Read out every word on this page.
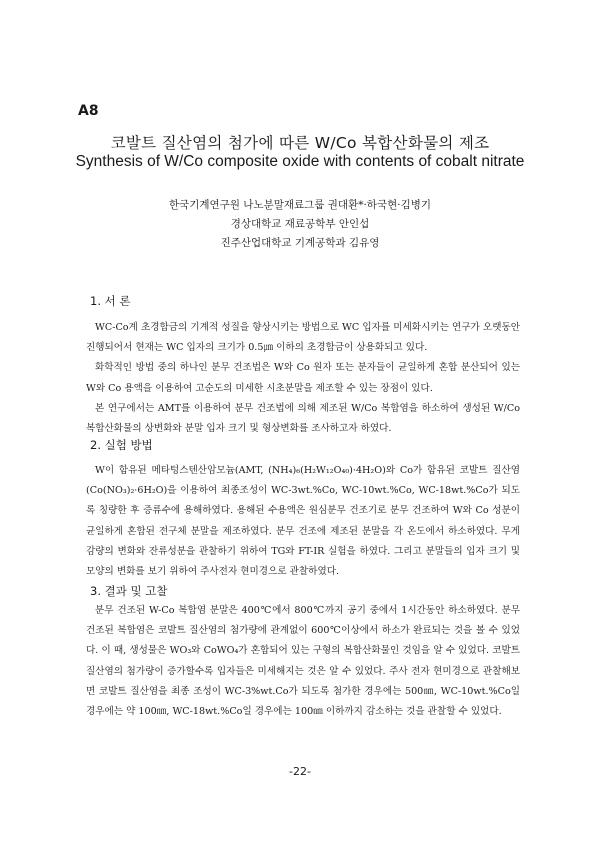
A8
코발트 질산염의 첨가에 따른 W/Co 복합산화물의 제조
Synthesis of W/Co composite oxide with contents of cobalt nitrate
한국기계연구원 나노분말재료그룹 권대환*·하국현·김병기
경상대학교 재료공학부 안인섭
진주산업대학교 기계공학과 김유영
1. 서 론

WC-Co계 초경합금의 기계적 성질을 향상시키는 방법으로 WC 입자를 미세화시키는 연구가 오랫동안 진행되어서 현재는 WC 입자의 크기가 0.5㎛ 이하의 초경합금이 상용화되고 있다.

화학적인 방법 중의 하나인 분무 건조법은 W와 Co 원자 또는 분자들이 균일하게 혼합 분산되어 있는 W와 Co 용액을 이용하여 고순도의 미세한 시초분말을 제조할 수 있는 장점이 있다.

본 연구에서는 AMT를 이용하여 분무 건조법에 의해 제조된 W/Co 복합염을 하소하여 생성된 W/Co 복합산화물의 상변화와 분말 입자 크기 및 형상변화를 조사하고자 하였다.

2. 실험 방법

W이 함유된 메타텅스텐산암모늄(AMT, (NH₄)₆(H₂W₁₂O₄₀)·4H₂O)와 Co가 함유된 코발트 질산염(Co(NO₃)₂·6H₂O)을 이용하여 최종조성이 WC-3wt.%Co, WC-10wt.%Co, WC-18wt.%Co가 되도록 칭량한 후 증류수에 용해하였다. 용해된 수용액은 원심분무 건조기로 분무 건조하여 W와 Co 성분이 균일하게 혼합된 전구체 분말을 제조하였다. 분무 건조에 제조된 분말을 각 온도에서 하소하였다. 무게 감량의 변화와 잔류성분을 관찰하기 위하여 TG와 FT-IR 실험을 하였다. 그리고 분말들의 입자 크기 및 모양의 변화를 보기 위하여 주사전자 현미경으로 관찰하였다.

3. 결과 및 고찰

분무 건조된 W-Co 복합염 분말은 400℃에서 800℃까지 공기 중에서 1시간동안 하소하였다. 분무 건조된 복합염은 코발트 질산염의 첨가량에 관계없이 600℃이상에서 하소가 완료되는 것을 볼 수 있었다. 이 때, 생성물은 WO₃와 CoWO₄가 혼합되어 있는 구형의 복합산화물인 것임을 알 수 있었다. 코발트 질산염의 첨가량이 증가할수록 입자들은 미세해지는 것은 알 수 있었다. 주사 전자 현미경으로 관찰해보면 코발트 질산염을 최종 조성이 WC-3%wt.Co가 되도록 첨가한 경우에는 500㎚, WC-10wt.%Co일 경우에는 약 100㎚, WC-18wt.%Co일 경우에는 100㎚ 이하까지 감소하는 것을 관찰할 수 있었다.

-22-
